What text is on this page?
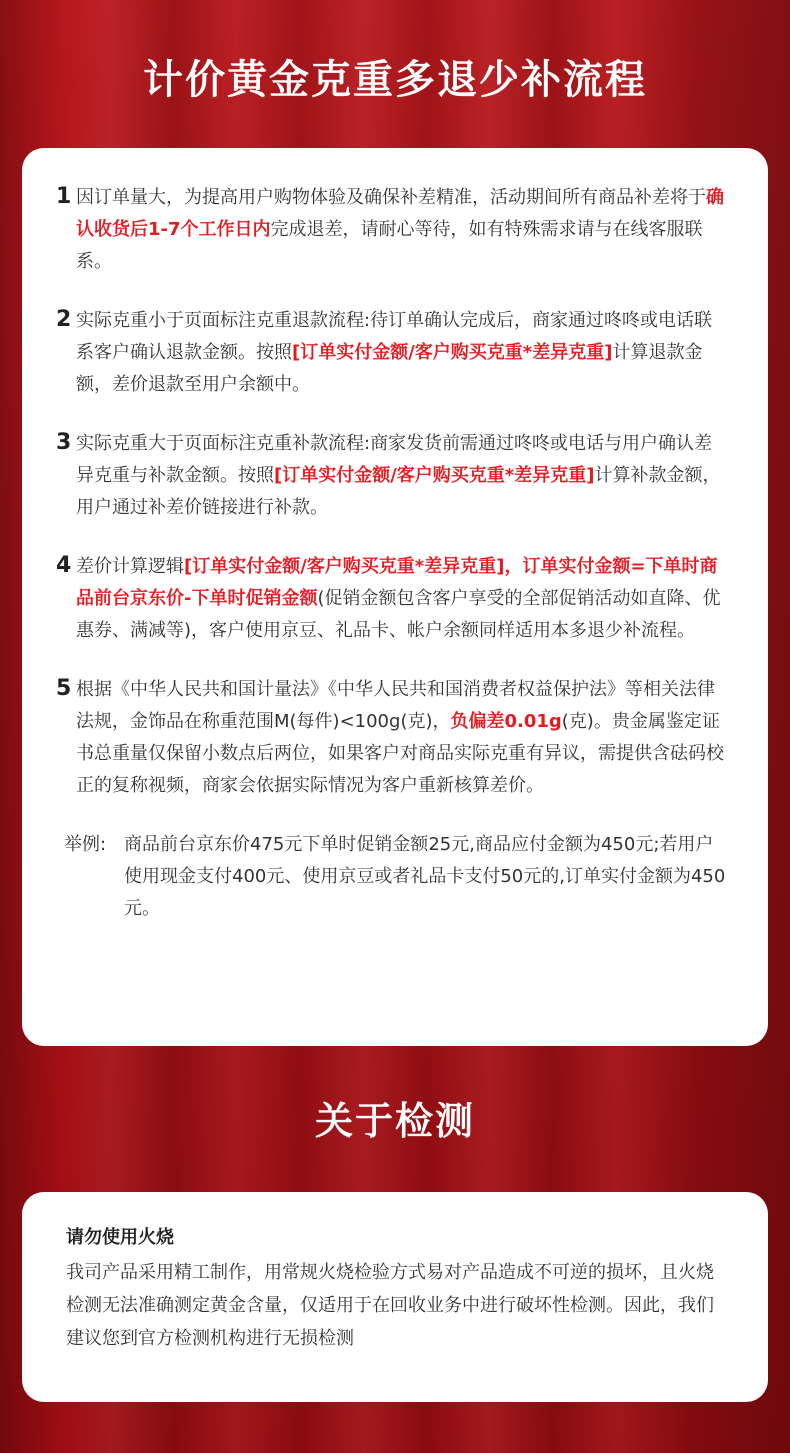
计价黄金克重多退少补流程
1 因订单量大，为提高用户购物体验及确保补差精准，活动期间所有商品补差将于确认收货后1-7个工作日内完成退差，请耐心等待，如有特殊需求请与在线客服联系。
2 实际克重小于页面标注克重退款流程:待订单确认完成后，商家通过咚咚或电话联系客户确认退款金额。按照[订单实付金额/客户购买克重*差异克重]计算退款金额，差价退款至用户余额中。
3 实际克重大于页面标注克重补款流程:商家发货前需通过咚咚或电话与用户确认差异克重与补款金额。按照[订单实付金额/客户购买克重*差异克重]计算补款金额，用户通过补差价链接进行补款。
4 差价计算逻辑[订单实付金额/客户购买克重*差异克重]，订单实付金额=下单时商品前台京东价-下单时促销金额(促销金额包含客户享受的全部促销活动如直降、优惠券、满减等)，客户使用京豆、礼品卡、帐户余额同样适用本多退少补流程。
5 根据《中华人民共和国计量法》《中华人民共和国消费者权益保护法》等相关法律法规，金饰品在称重范围M(每件)<100g(克)，负偏差0.01g(克)。贵金属鉴定证书总重量仅保留小数点后两位，如果客户对商品实际克重有异议，需提供含砝码校正的复称视频，商家会依据实际情况为客户重新核算差价。
举例: 商品前台京东价475元下单时促销金额25元,商品应付金额为450元;若用户使用现金支付400元、使用京豆或者礼品卡支付50元的,订单实付金额为450元。
关于检测
请勿使用火烧
我司产品采用精工制作，用常规火烧检验方式易对产品造成不可逆的损坏，且火烧检测无法准确测定黄金含量，仅适用于在回收业务中进行破坏性检测。因此，我们建议您到官方检测机构进行无损检测
